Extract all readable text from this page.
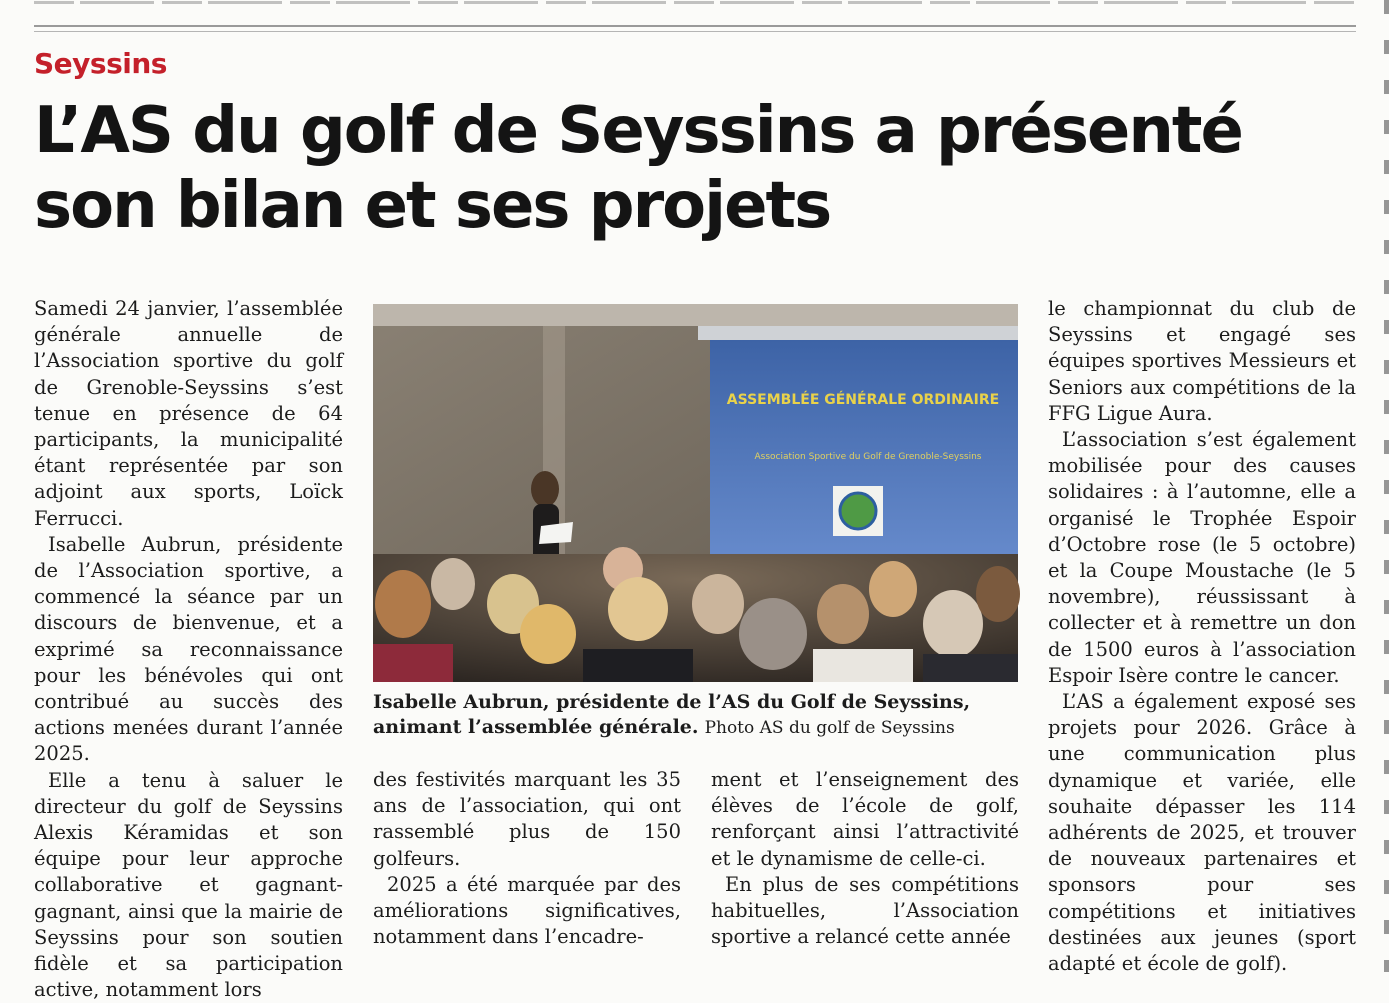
Seyssins
L’AS du golf de Seyssins a présenté son bilan et ses projets

Samedi 24 janvier, l’assemblée générale annuelle de l’Association sportive du golf de Grenoble-Seyssins s’est tenue en présence de 64 participants, la municipalité étant représentée par son adjoint aux sports, Loïck Ferrucci.

Isabelle Aubrun, présidente de l’Association sportive, a commencé la séance par un discours de bienvenue, et a exprimé sa reconnaissance pour les bénévoles qui ont contribué au succès des actions menées durant l’année 2025.

Elle a tenu à saluer le directeur du golf de Seyssins Alexis Kéramidas et son équipe pour leur approche collaborative et gagnant-gagnant, ainsi que la mairie de Seyssins pour son soutien fidèle et sa participation active, notamment lors

ASSEMBLÉE GÉNÉRALE ORDINAIRE
Association Sportive du Golf de Grenoble-Seyssins
Isabelle Aubrun, présidente de l’AS du Golf de Seyssins, animant l’assemblée générale. Photo AS du golf de Seyssins

des festivités marquant les 35 ans de l’association, qui ont rassemblé plus de 150 golfeurs.

2025 a été marquée par des améliorations significatives, notamment dans l’encadre-

ment et l’enseignement des élèves de l’école de golf, renforçant ainsi l’attractivité et le dynamisme de celle-ci.

En plus de ses compétitions habituelles, l’Association sportive a relancé cette année

le championnat du club de Seyssins et engagé ses équipes sportives Messieurs et Seniors aux compétitions de la FFG Ligue Aura.

L’association s’est également mobilisée pour des causes solidaires : à l’automne, elle a organisé le Trophée Espoir d’Octobre rose (le 5 octobre) et la Coupe Moustache (le 5 novembre), réussissant à collecter et à remettre un don de 1500 euros à l’association Espoir Isère contre le cancer.

L’AS a également exposé ses projets pour 2026. Grâce à une communication plus dynamique et variée, elle souhaite dépasser les 114 adhérents de 2025, et trouver de nouveaux partenaires et sponsors pour ses compétitions et initiatives destinées aux jeunes (sport adapté et école de golf).
